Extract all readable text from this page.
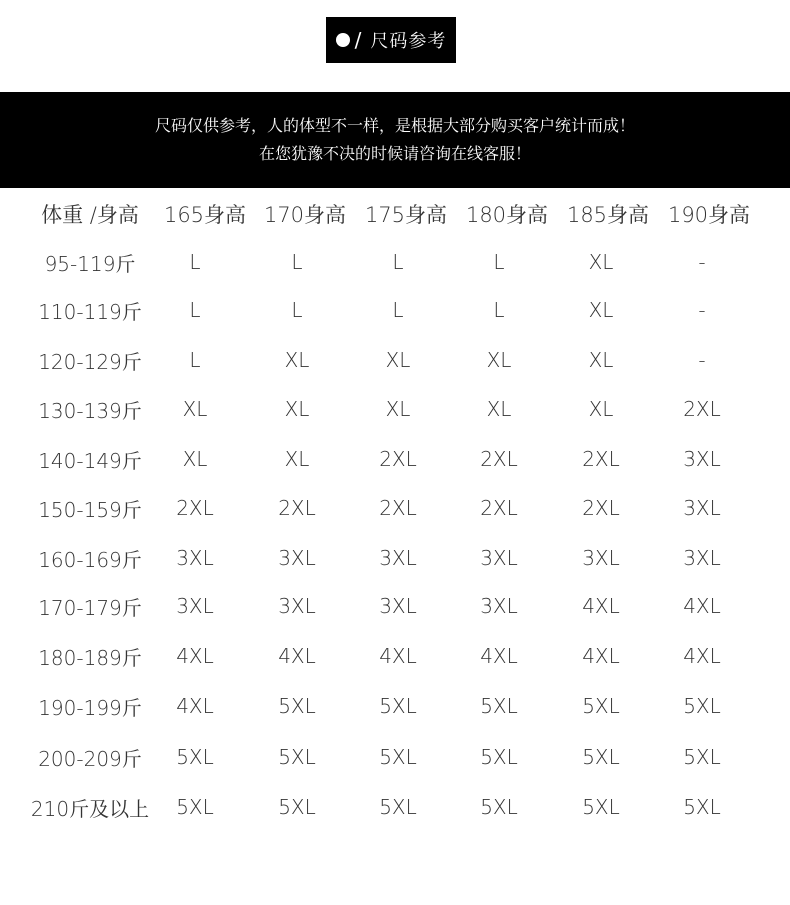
/ 尺码参考
尺码仅供参考，人的体型不一样，是根据大部分购买客户统计而成！
在您犹豫不决的时候请咨询在线客服！
体重 /身高	165身高 170身高 175身高 180身高 185身高 190身高
95-119斤	L	L	L	L	XL	-
110-119斤	L	L	L	L	XL	-
120-129斤	L	XL	XL	XL	XL	-
130-139斤	XL	XL	XL	XL	XL	2XL
140-149斤	XL	XL	2XL	2XL	2XL	3XL
150-159斤	2XL	2XL	2XL	2XL	2XL	3XL
160-169斤	3XL	3XL	3XL	3XL	3XL	3XL
170-179斤	3XL	3XL	3XL	3XL	4XL	4XL
180-189斤	4XL	4XL	4XL	4XL	4XL	4XL
190-199斤	4XL	5XL	5XL	5XL	5XL	5XL
200-209斤	5XL	5XL	5XL	5XL	5XL	5XL
210斤及以上	5XL	5XL	5XL	5XL	5XL	5XL
